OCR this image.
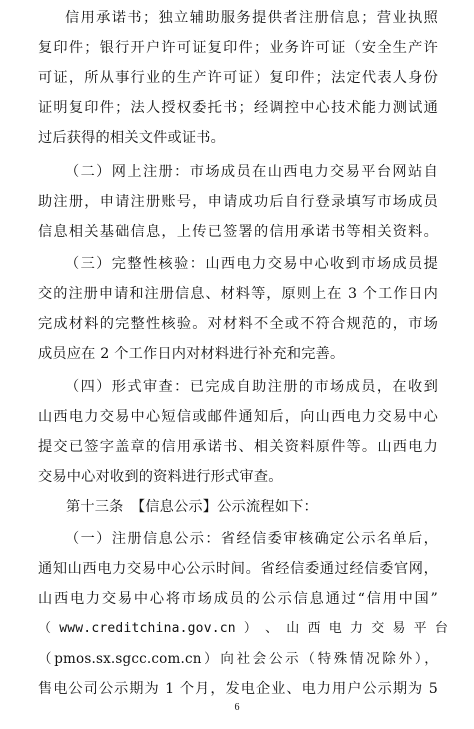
信用承诺书；独立辅助服务提供者注册信息；营业执照
复印件；银行开户许可证复印件；业务许可证（安全生产许
可证，所从事行业的生产许可证）复印件；法定代表人身份
证明复印件；法人授权委托书；经调控中心技术能力测试通
过后获得的相关文件或证书。
（二）网上注册：市场成员在山西电力交易平台网站自
助注册，申请注册账号，申请成功后自行登录填写市场成员
信息相关基础信息，上传已签署的信用承诺书等相关资料。
（三）完整性核验：山西电力交易中心收到市场成员提
交的注册申请和注册信息、材料等，原则上在 3 个工作日内
完成材料的完整性核验。对材料不全或不符合规范的，市场
成员应在 2 个工作日内对材料进行补充和完善。
（四）形式审查：已完成自助注册的市场成员，在收到
山西电力交易中心短信或邮件通知后，向山西电力交易中心
提交已签字盖章的信用承诺书、相关资料原件等。山西电力
交易中心对收到的资料进行形式审查。
第十三条　【信息公示】公示流程如下：
（一）注册信息公示：省经信委审核确定公示名单后，
通知山西电力交易中心公示时间。省经信委通过经信委官网，
山西电力交易中心将市场成员的公示信息通过“信用中国”
（ www.creditchina.gov.cn ） 、 山 西 电 力 交 易 平 台
（pmos.sx.sgcc.com.cn）向社会公示（特殊情况除外），
售电公司公示期为 1 个月，发电企业、电力用户公示期为 5
6
